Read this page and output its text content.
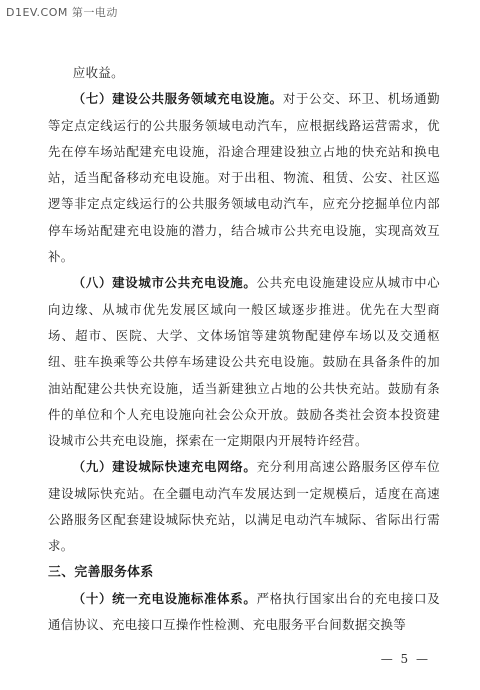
D1EV.COM 第一电动

应收益。

（七）建设公共服务领域充电设施。对于公交、环卫、机场通勤等定点定线运行的公共服务领域电动汽车，应根据线路运营需求，优先在停车场站配建充电设施，沿途合理建设独立占地的快充站和换电站，适当配备移动充电设施。对于出租、物流、租赁、公安、社区巡逻等非定点定线运行的公共服务领域电动汽车，应充分挖掘单位内部停车场站配建充电设施的潜力，结合城市公共充电设施，实现高效互补。

（八）建设城市公共充电设施。公共充电设施建设应从城市中心向边缘、从城市优先发展区域向一般区域逐步推进。优先在大型商场、超市、医院、大学、文体场馆等建筑物配建停车场以及交通枢纽、驻车换乘等公共停车场建设公共充电设施。鼓励在具备条件的加油站配建公共快充设施，适当新建独立占地的公共快充站。鼓励有条件的单位和个人充电设施向社会公众开放。鼓励各类社会资本投资建设城市公共充电设施，探索在一定期限内开展特许经营。

（九）建设城际快速充电网络。充分利用高速公路服务区停车位建设城际快充站。在全疆电动汽车发展达到一定规模后，适度在高速公路服务区配套建设城际快充站，以满足电动汽车城际、省际出行需求。

三、完善服务体系

（十）统一充电设施标准体系。严格执行国家出台的充电接口及通信协议、充电接口互操作性检测、充电服务平台间数据交换等

— 5 —
